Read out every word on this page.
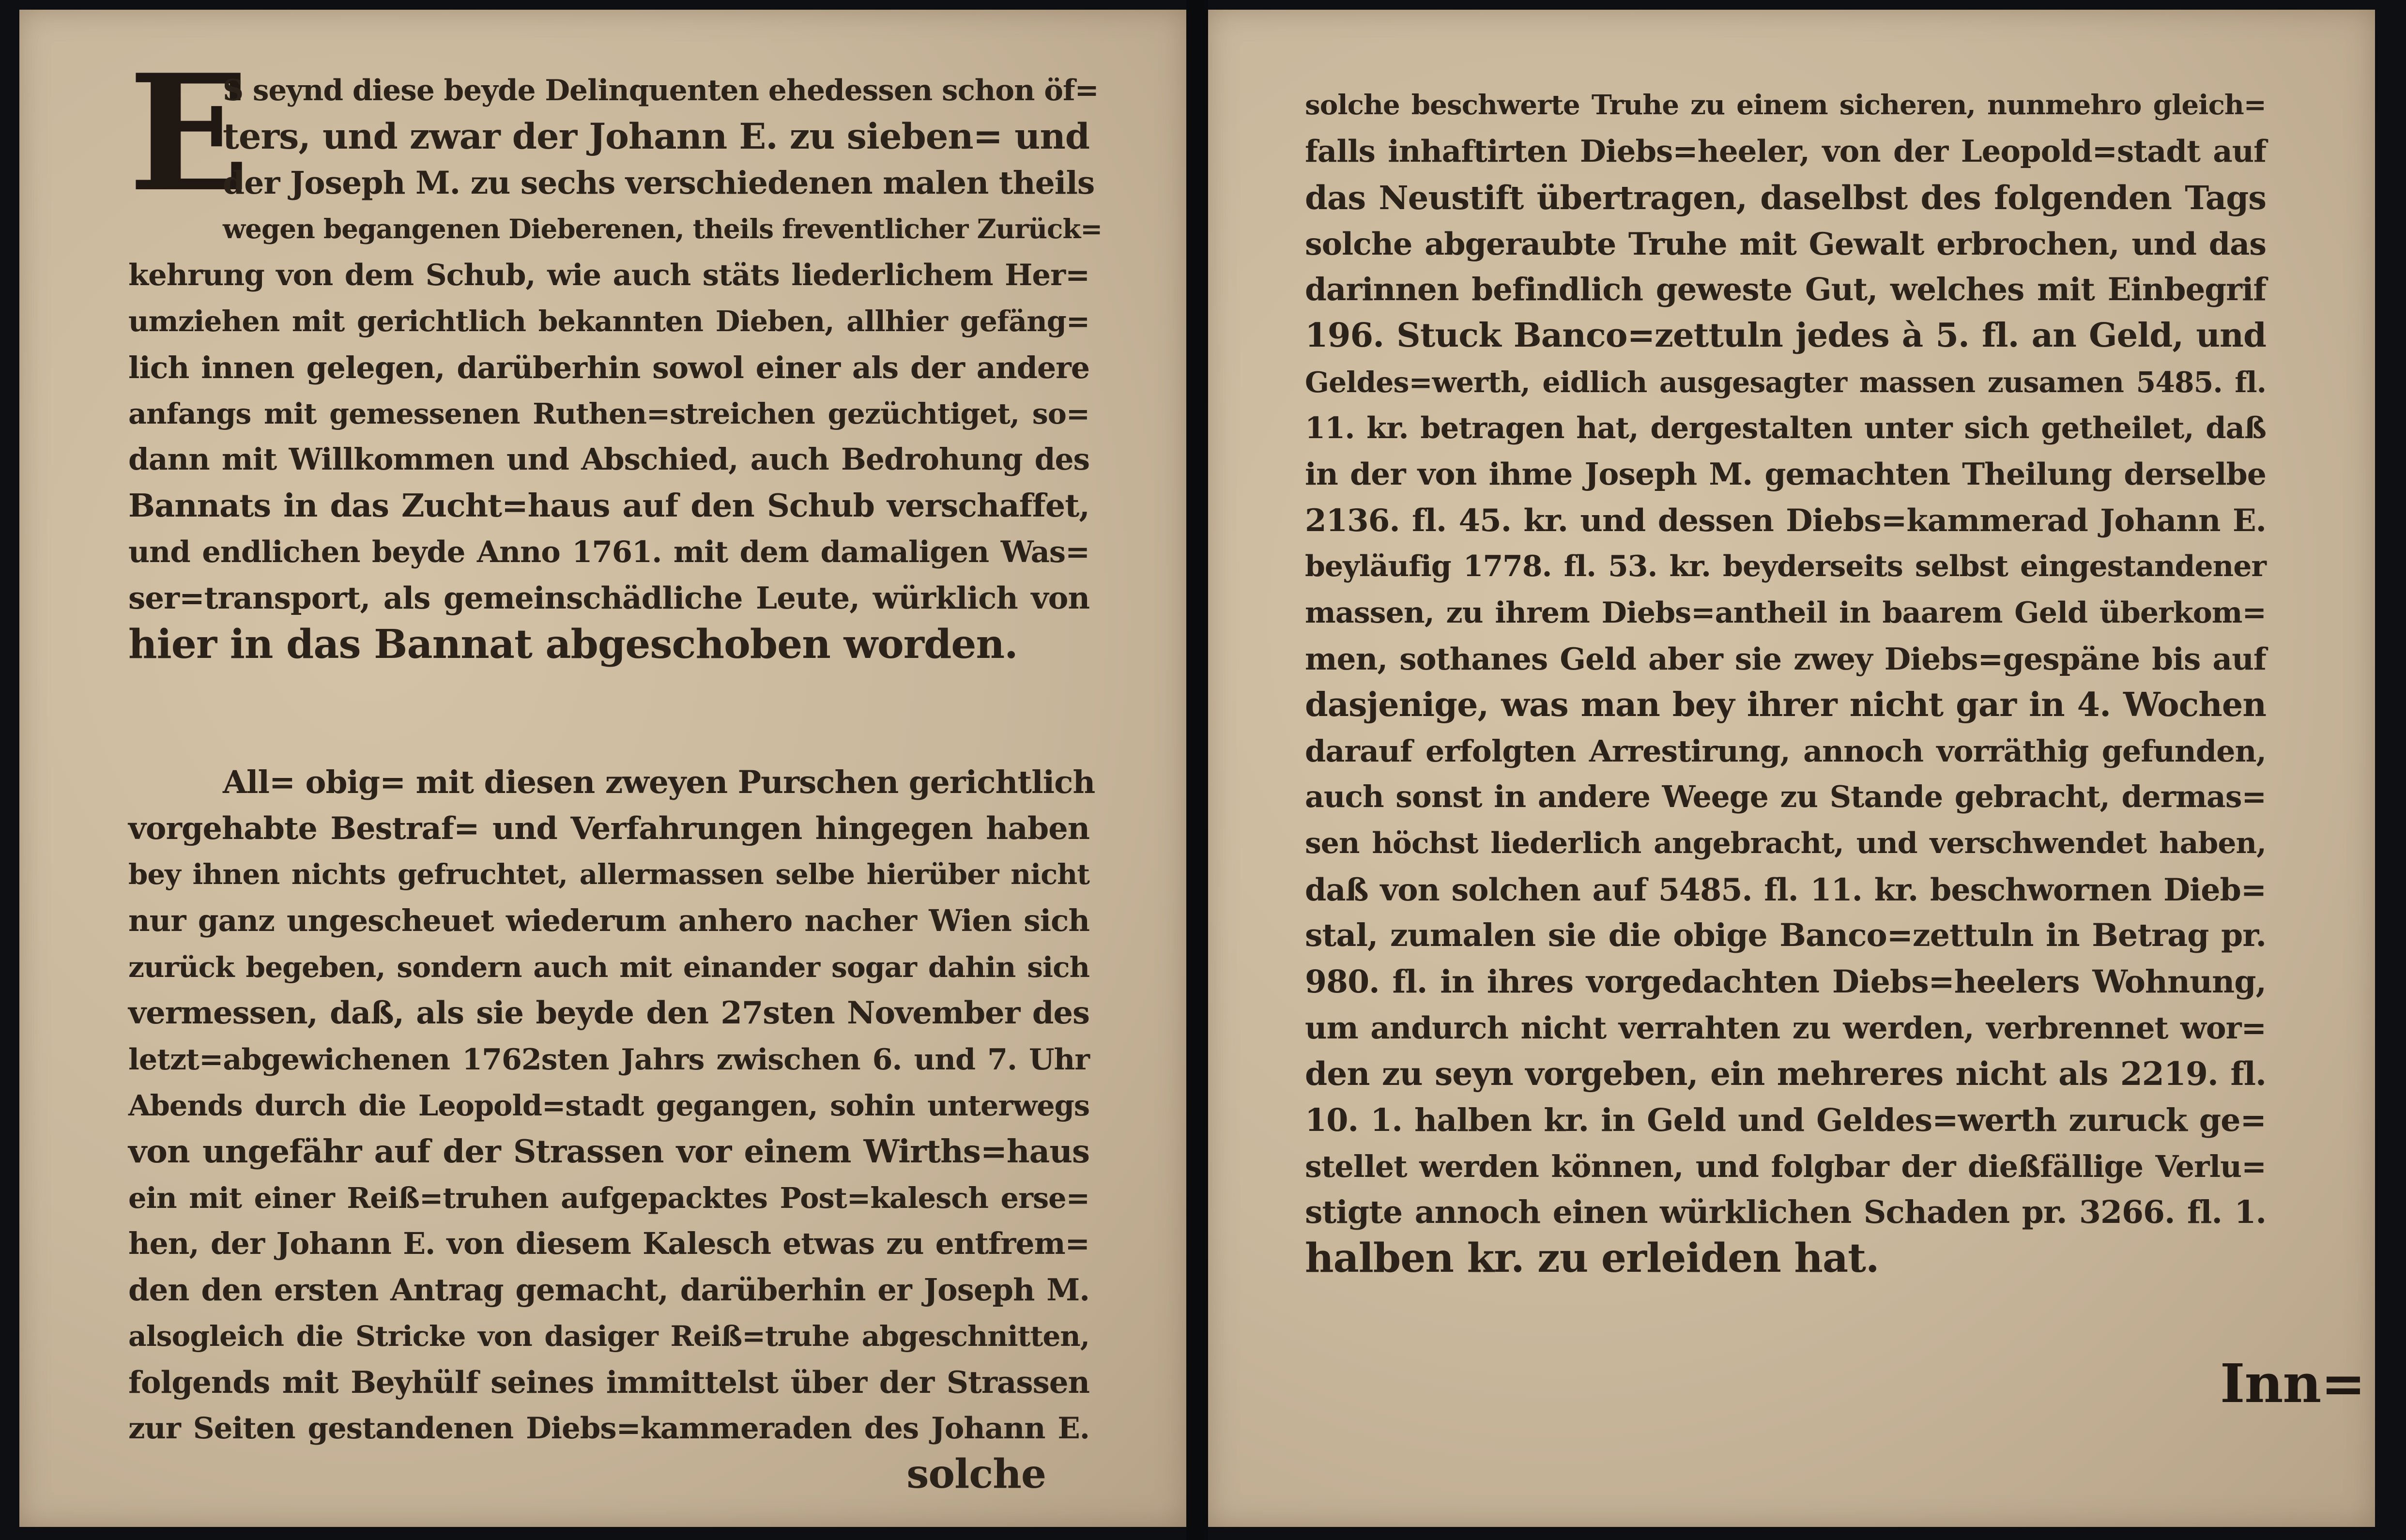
E
S seynd diese beyde Delinquenten ehedessen schon öf=
ters, und zwar der Johann E. zu sieben= und
der Joseph M. zu sechs verschiedenen malen theils
wegen begangenen Dieberenen, theils freventlicher Zurück=
kehrung von dem Schub, wie auch stäts liederlichem Her=
umziehen mit gerichtlich bekannten Dieben, allhier gefäng=
lich innen gelegen, darüberhin sowol einer als der andere
anfangs mit gemessenen Ruthen=streichen gezüchtiget, so=
dann mit Willkommen und Abschied, auch Bedrohung des
Bannats in das Zucht=haus auf den Schub verschaffet,
und endlichen beyde Anno 1761. mit dem damaligen Was=
ser=transport, als gemeinschädliche Leute, würklich von
hier in das Bannat abgeschoben worden.
All= obig= mit diesen zweyen Purschen gerichtlich
vorgehabte Bestraf= und Verfahrungen hingegen haben
bey ihnen nichts gefruchtet, allermassen selbe hierüber nicht
nur ganz ungescheuet wiederum anhero nacher Wien sich
zurück begeben, sondern auch mit einander sogar dahin sich
vermessen, daß, als sie beyde den 27sten November des
letzt=abgewichenen 1762sten Jahrs zwischen 6. und 7. Uhr
Abends durch die Leopold=stadt gegangen, sohin unterwegs
von ungefähr auf der Strassen vor einem Wirths=haus
ein mit einer Reiß=truhen aufgepacktes Post=kalesch erse=
hen, der Johann E. von diesem Kalesch etwas zu entfrem=
den den ersten Antrag gemacht, darüberhin er Joseph M.
alsogleich die Stricke von dasiger Reiß=truhe abgeschnitten,
folgends mit Beyhülf seines immittelst über der Strassen
zur Seiten gestandenen Diebs=kammeraden des Johann E.
solche
solche beschwerte Truhe zu einem sicheren, nunmehro gleich=
falls inhaftirten Diebs=heeler, von der Leopold=stadt auf
das Neustift übertragen, daselbst des folgenden Tags
solche abgeraubte Truhe mit Gewalt erbrochen, und das
darinnen befindlich geweste Gut, welches mit Einbegrif
196. Stuck Banco=zettuln jedes à 5. fl. an Geld, und
Geldes=werth, eidlich ausgesagter massen zusamen 5485. fl.
11. kr. betragen hat, dergestalten unter sich getheilet, daß
in der von ihme Joseph M. gemachten Theilung derselbe
2136. fl. 45. kr. und dessen Diebs=kammerad Johann E.
beyläufig 1778. fl. 53. kr. beyderseits selbst eingestandener
massen, zu ihrem Diebs=antheil in baarem Geld überkom=
men, sothanes Geld aber sie zwey Diebs=gespäne bis auf
dasjenige, was man bey ihrer nicht gar in 4. Wochen
darauf erfolgten Arrestirung, annoch vorräthig gefunden,
auch sonst in andere Weege zu Stande gebracht, dermas=
sen höchst liederlich angebracht, und verschwendet haben,
daß von solchen auf 5485. fl. 11. kr. beschwornen Dieb=
stal, zumalen sie die obige Banco=zettuln in Betrag pr.
980. fl. in ihres vorgedachten Diebs=heelers Wohnung,
um andurch nicht verrahten zu werden, verbrennet wor=
den zu seyn vorgeben, ein mehreres nicht als 2219. fl.
10. 1. halben kr. in Geld und Geldes=werth zuruck ge=
stellet werden können, und folgbar der dießfällige Verlu=
stigte annoch einen würklichen Schaden pr. 3266. fl. 1.
halben kr. zu erleiden hat.
Inn=
